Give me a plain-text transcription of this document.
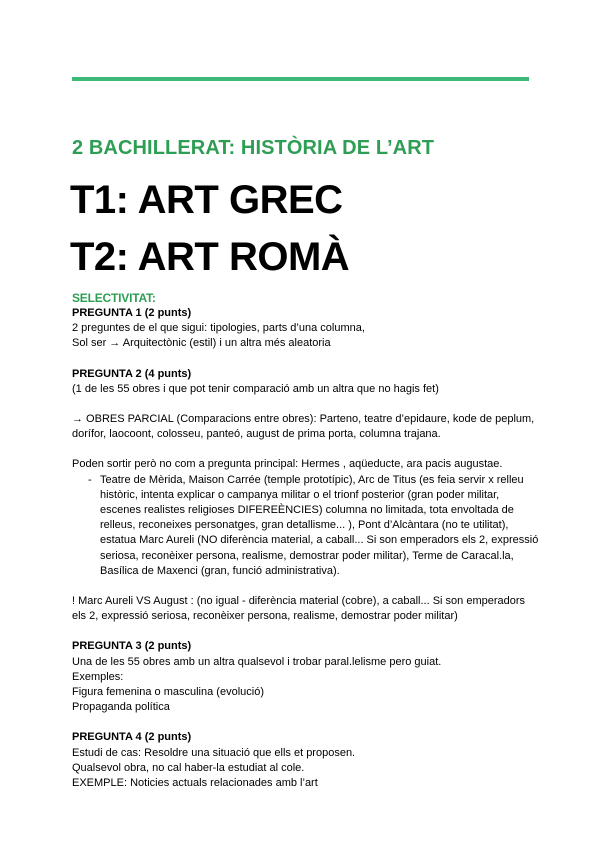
2 BACHILLERAT: HISTÒRIA DE L’ART
T1: ART GREC
T2: ART ROMÀ

SELECTIVITAT:

PREGUNTA 1 (2 punts)

2 preguntes de el que sigui: tipologies, parts d’una columna,

Sol ser → Arquitectònic (estil) i un altra més aleatoria

PREGUNTA 2 (4 punts)

(1 de les 55 obres i que pot tenir comparació amb un altra que no hagis fet)

→ OBRES PARCIAL (Comparacions entre obres): Parteno, teatre d’epidaure, kode de peplum, dorífor, laocoont, colosseu, panteó, august de prima porta, columna trajana.

Poden sortir però no com a pregunta principal: Hermes , aqüeducte, ara pacis augustae.

- Teatre de Mèrida, Maison Carrée (temple prototípic), Arc de Titus (es feia servir x relleu històric, intenta explicar o campanya militar o el trionf posterior (gran poder militar, escenes realistes religioses DIFEREÈNCIES) columna no limitada, tota envoltada de relleus, reconeixes personatges, gran detallisme... ), Pont d’Alcàntara (no te utilitat), estatua Marc Aureli (NO diferència material, a caball... Si son emperadors els 2, expressió seriosa, reconèixer persona, realisme, demostrar poder militar), Terme de Caracal.la, Basílica de Maxenci (gran, funció administrativa).

! Marc Aureli VS August : (no igual - diferència material (cobre), a caball... Si son emperadors els 2, expressió seriosa, reconèixer persona, realisme, demostrar poder militar)

PREGUNTA 3 (2 punts)

Una de les 55 obres amb un altra qualsevol i trobar paral.lelisme pero guiat.

Exemples:

Figura femenina o masculina (evolució)

Propaganda política

PREGUNTA 4 (2 punts)

Estudi de cas: Resoldre una situació que ells et proposen.

Qualsevol obra, no cal haber-la estudiat al cole.

EXEMPLE: Noticies actuals relacionades amb l’art
